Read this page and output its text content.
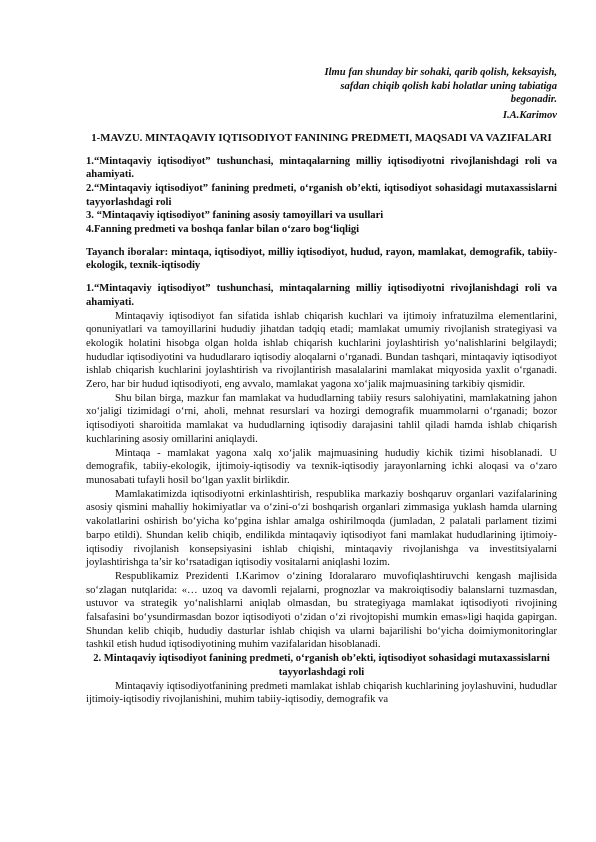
Ilmu fan shunday bir sohaki, qarib qolish, keksayish,

safdan chiqib qolish kabi holatlar uning tabiatiga

begonadir.

I.A.Karimov

1-MAVZU. MINTAQAVIY IQTISODIYOT FANINING PREDMETI, MAQSADI VA VAZIFALARI

1.“Mintaqaviy iqtisodiyot” tushunchasi, mintaqalarning milliy iqtisodiyotni rivojlanishdagi roli va ahamiyati.

2.“Mintaqaviy iqtisodiyot” fanining predmeti, o‘rganish ob’ekti, iqtisodiyot sohasidagi mutaxassislarni tayyorlashdagi roli

3. “Mintaqaviy iqtisodiyot” fanining asosiy tamoyillari va usullari

4.Fanning predmeti va boshqa fanlar bilan o‘zaro bog‘liqligi

Tayanch iboralar: mintaqa, iqtisodiyot, milliy iqtisodiyot, hudud, rayon, mamlakat, demografik, tabiiy-ekologik, texnik-iqtisodiy

1.“Mintaqaviy iqtisodiyot” tushunchasi, mintaqalarning milliy iqtisodiyotni rivojlanishdagi roli va ahamiyati.

Mintaqaviy iqtisodiyot fan sifatida ishlab chiqarish kuchlari va ijtimoiy infratuzilma elementlarini, qonuniyatlari va tamoyillarini hududiy jihatdan tadqiq etadi; mamlakat umumiy rivojlanish strategiyasi va ekologik holatini hisobga olgan holda ishlab chiqarish kuchlarini joylashtirish yo‘nalishlarini belgilaydi; hududlar iqtisodiyotini va hududlararo iqtisodiy aloqalarni o‘rganadi. Bundan tashqari, mintaqaviy iqtisodiyot ishlab chiqarish kuchlarini joylashtirish va rivojlantirish masalalarini mamlakat miqyosida yaxlit o‘rganadi. Zero, har bir hudud iqtisodiyoti, eng avvalo, mamlakat yagona xo‘jalik majmuasining tarkibiy qismidir.

Shu bilan birga, mazkur fan mamlakat va hududlarning tabiiy resurs salohiyatini, mamlakatning jahon xo‘jaligi tizimidagi o‘rni, aholi, mehnat resurslari va hozirgi demografik muammolarni o‘rganadi; bozor iqtisodiyoti sharoitida mamlakat va hududlarning iqtisodiy darajasini tahlil qiladi hamda ishlab chiqarish kuchlarining asosiy omillarini aniqlaydi.

Mintaqa - mamlakat yagona xalq xo‘jalik majmuasining hududiy kichik tizimi hisoblanadi. U demografik, tabiiy-ekologik, ijtimoiy-iqtisodiy va texnik-iqtisodiy jarayonlarning ichki aloqasi va o‘zaro munosabati tufayli hosil bo‘lgan yaxlit birlikdir.

Mamlakatimizda iqtisodiyotni erkinlashtirish, respublika markaziy boshqaruv organlari vazifalarining asosiy qismini mahalliy hokimiyatlar va o‘zini-o‘zi boshqarish organlari zimmasiga yuklash hamda ularning vakolatlarini oshirish bo‘yicha ko‘pgina ishlar amalga oshirilmoqda (jumladan, 2 palatali parlament tizimi barpo etildi). Shundan kelib chiqib, endilikda mintaqaviy iqtisodiyot fani mamlakat hududlarining ijtimoiy-iqtisodiy rivojlanish konsepsiyasini ishlab chiqishi, mintaqaviy rivojlanishga va investitsiyalarni joylashtirishga ta’sir ko‘rsatadigan iqtisodiy vositalarni aniqlashi lozim.

Respublikamiz Prezidenti I.Karimov o‘zining Idoralararo muvofiqlashtiruvchi kengash majlisida so‘zlagan nutqlarida: «… uzoq va davomli rejalarni, prognozlar va makroiqtisodiy balanslarni tuzmasdan, ustuvor va strategik yo‘nalishlarni aniqlab olmasdan, bu strategiyaga mamlakat iqtisodiyoti rivojining falsafasini bo‘ysundirmasdan bozor iqtisodiyoti o‘zidan o‘zi rivojtopishi mumkin emas»ligi haqida gapirgan. Shundan kelib chiqib, hududiy dasturlar ishlab chiqish va ularni bajarilishi bo‘yicha doimiymonitoringlar tashkil etish hudud iqtisodiyotining muhim vazifalaridan hisoblanadi.

2. Mintaqaviy iqtisodiyot fanining predmeti, o‘rganish ob’ekti, iqtisodiyot sohasidagi mutaxassislarni tayyorlashdagi roli

Mintaqaviy iqtisodiyotfanining predmeti mamlakat ishlab chiqarish kuchlarining joylashuvini, hududlar ijtimoiy-iqtisodiy rivojlanishini, muhim tabiiy-iqtisodiy, demografik va
